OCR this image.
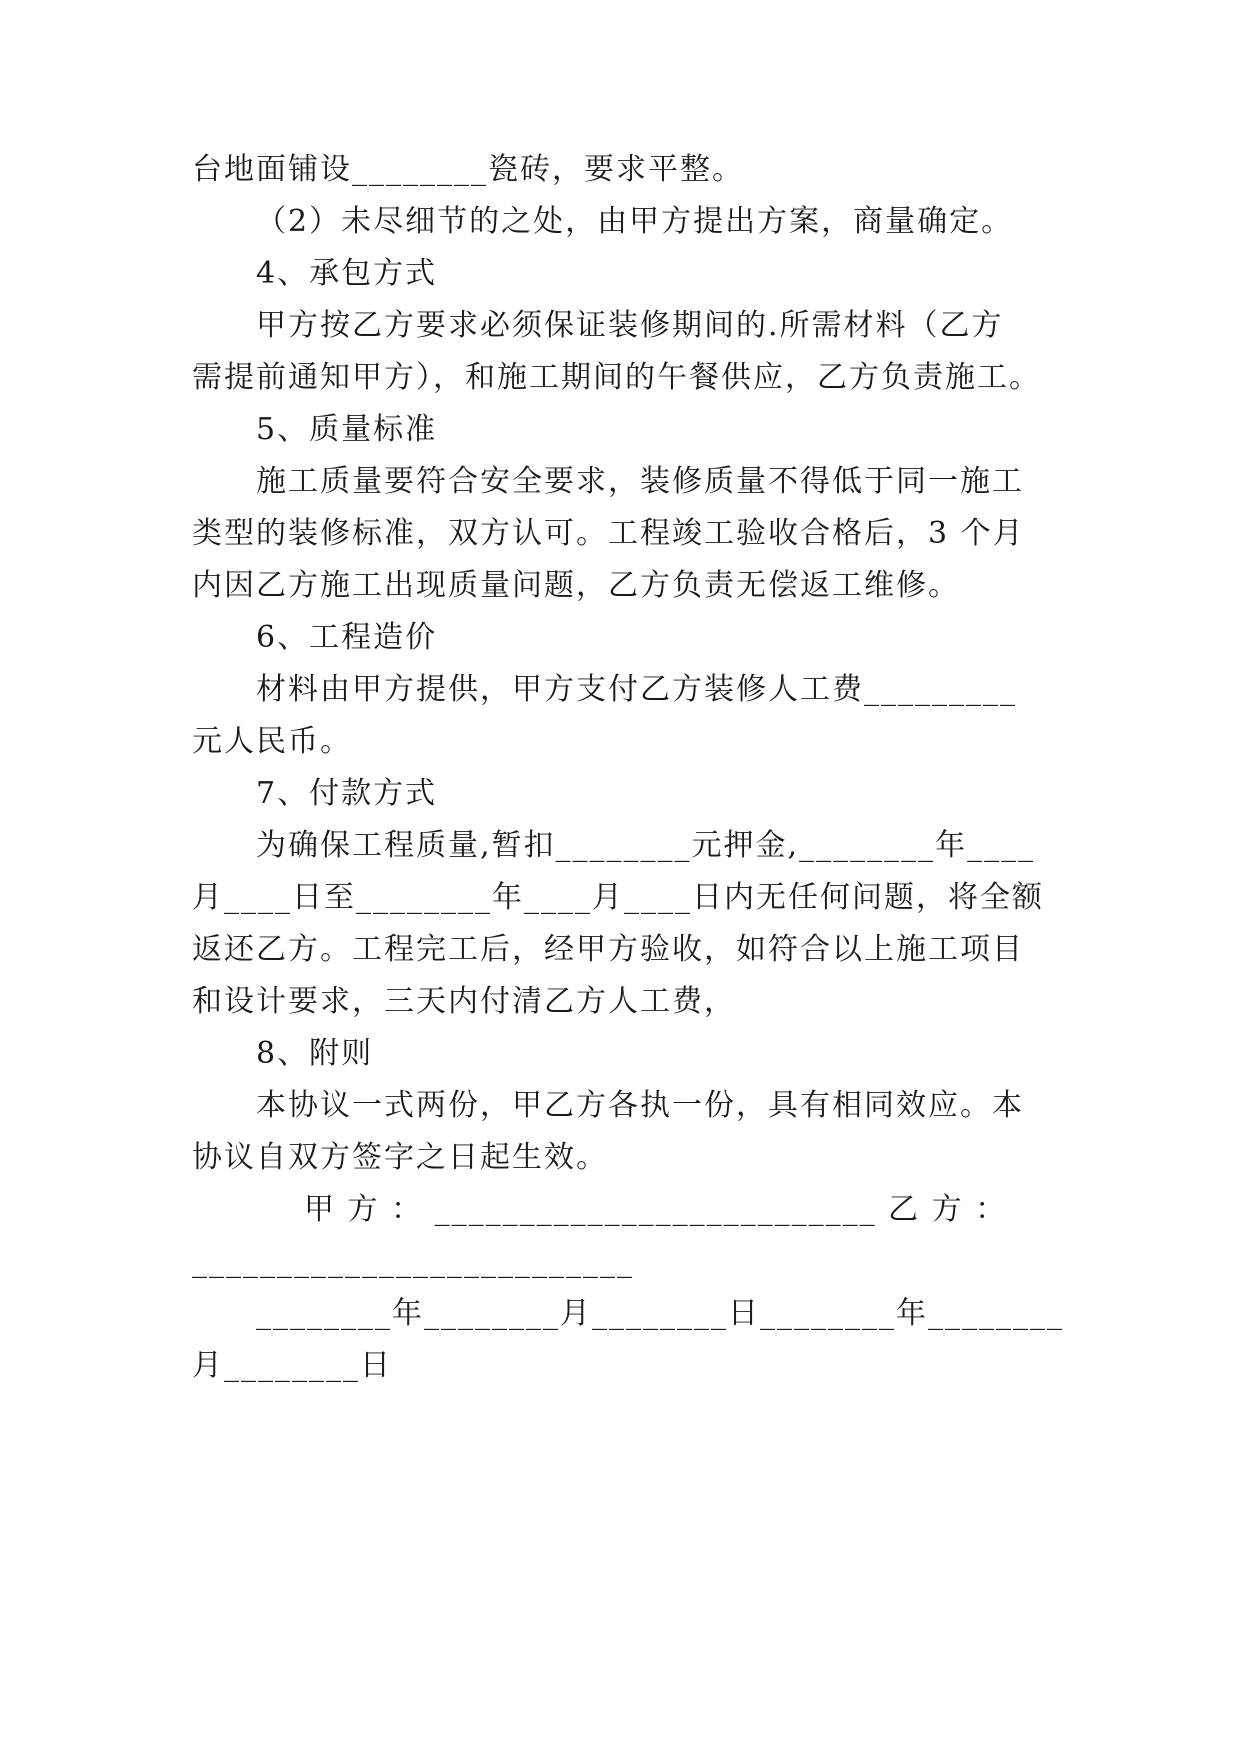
台地面铺设________瓷砖，要求平整。
（2）未尽细节的之处，由甲方提出方案，商量确定。
4、承包方式
甲方按乙方要求必须保证装修期间的.所需材料（乙方
需提前通知甲方），和施工期间的午餐供应，乙方负责施工。
5、质量标准
施工质量要符合安全要求，装修质量不得低于同一施工
类型的装修标准，双方认可。工程竣工验收合格后，3 个月
内因乙方施工出现质量问题，乙方负责无偿返工维修。
6、工程造价
材料由甲方提供，甲方支付乙方装修人工费_________
元人民币。
7、付款方式
为确保工程质量,暂扣________元押金,________年____
月____日至________年____月____日内无任何问题，将全额
返还乙方。工程完工后，经甲方验收，如符合以上施工项目
和设计要求，三天内付清乙方人工费，
8、附则
本协议一式两份，甲乙方各执一份，具有相同效应。本
协议自双方签字之日起生效。
甲 方 ： __________________________ 乙 方 ：
__________________________
________年________月________日________年________
月________日
